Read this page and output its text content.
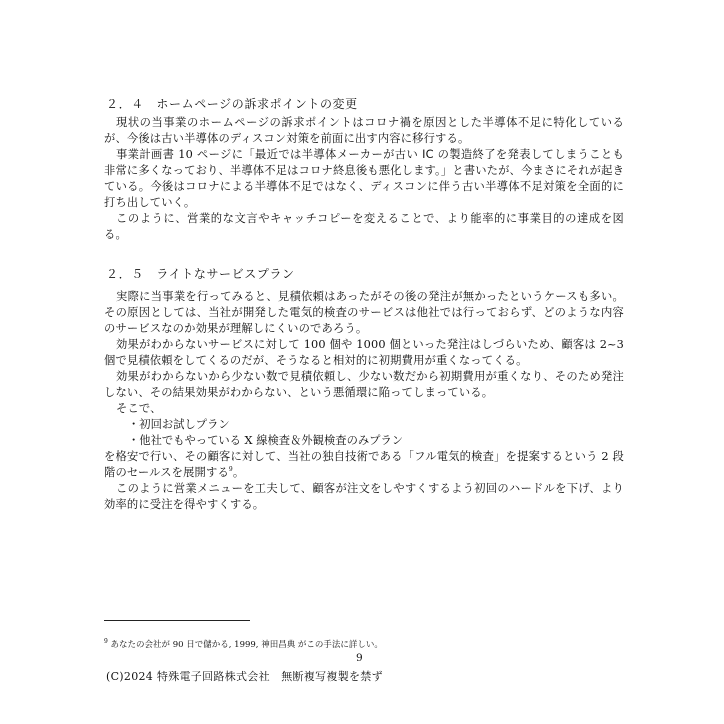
２．４　ホームページの訴求ポイントの変更

現状の当事業のホームページの訴求ポイントはコロナ禍を原因とした半導体不足に特化しているが、今後は古い半導体のディスコン対策を前面に出す内容に移行する。

事業計画書 10 ページに「最近では半導体メーカーが古い IC の製造終了を発表してしまうことも非常に多くなっており、半導体不足はコロナ終息後も悪化します。」と書いたが、今まさにそれが起きている。今後はコロナによる半導体不足ではなく、ディスコンに伴う古い半導体不足対策を全面的に打ち出していく。

このように、営業的な文言やキャッチコピーを変えることで、より能率的に事業目的の達成を図る。

２．５　ライトなサービスプラン

実際に当事業を行ってみると、見積依頼はあったがその後の発注が無かったというケースも多い。その原因としては、当社が開発した電気的検査のサービスは他社では行っておらず、どのような内容のサービスなのか効果が理解しにくいのであろう。

効果がわからないサービスに対して 100 個や 1000 個といった発注はしづらいため、顧客は 2~3 個で見積依頼をしてくるのだが、そうなると相対的に初期費用が重くなってくる。

効果がわからないから少ない数で見積依頼し、少ない数だから初期費用が重くなり、そのため発注しない、その結果効果がわからない、という悪循環に陥ってしまっている。

そこで、

・初回お試しプラン
・他社でもやっている X 線検査＆外観検査のみプラン

を格安で行い、その顧客に対して、当社の独自技術である「フル電気的検査」を提案するという 2 段階のセールスを展開する$^9$。

このように営業メニューを工夫して、顧客が注文をしやすくするよう初回のハードルを下げ、より効率的に受注を得やすくする。

$^9$ あなたの会社が 90 日で儲かる, 1999, 神田昌典 がこの手法に詳しい。
9
(C)2024 特殊電子回路株式会社　無断複写複製を禁ず
